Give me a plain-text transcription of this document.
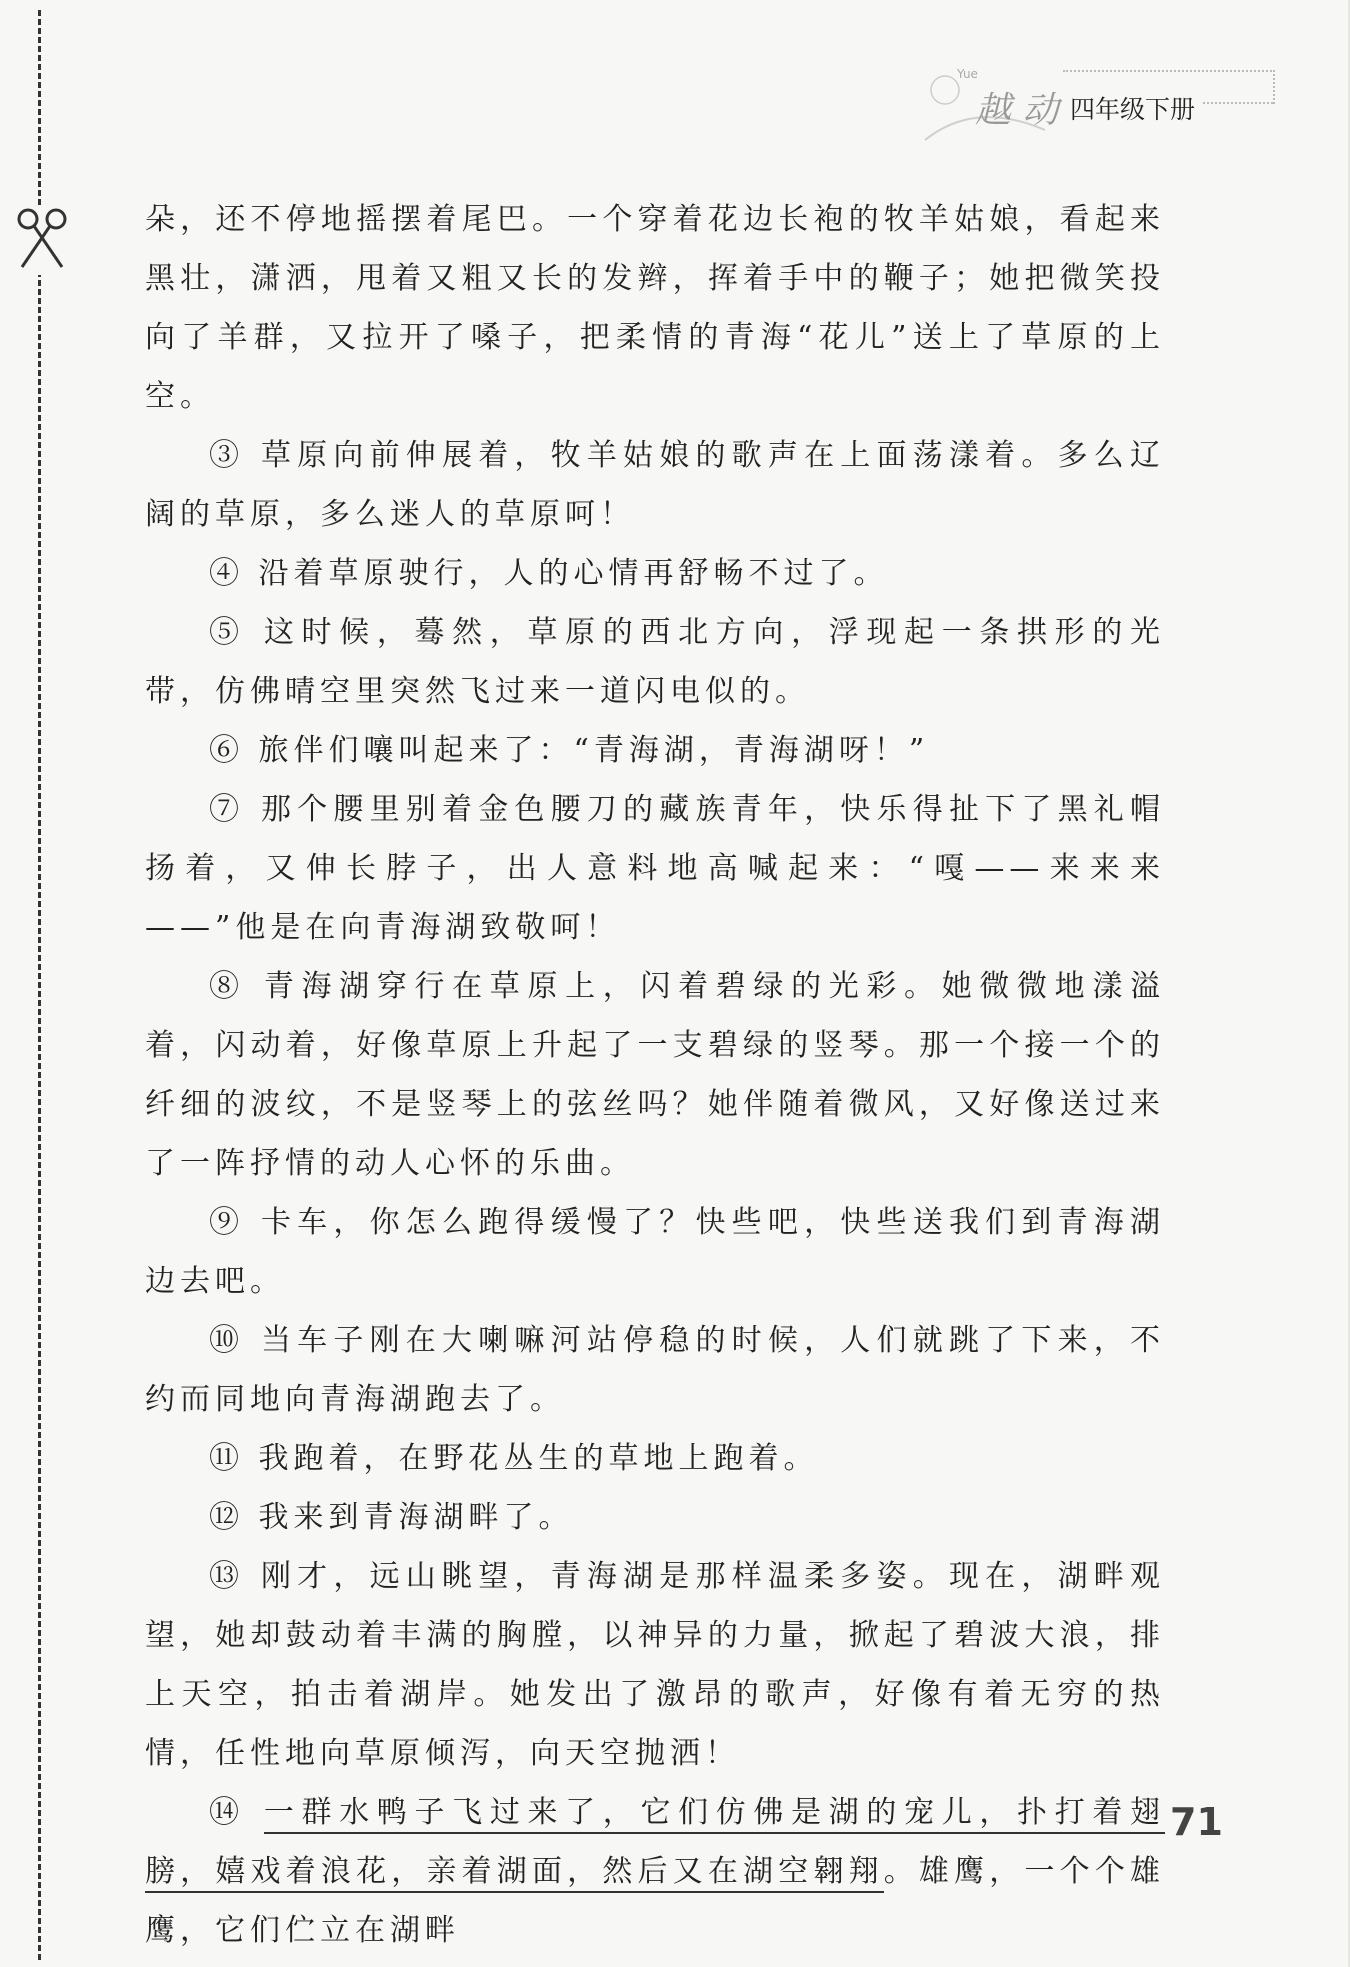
Yue
越 动 四年级下册

朵，还不停地摇摆着尾巴。一个穿着花边长袍的牧羊姑娘，看起来黑壮，潇洒，甩着又粗又长的发辫，挥着手中的鞭子；她把微笑投向了羊群，又拉开了嗓子，把柔情的青海“花儿”送上了草原的上空。

③ 草原向前伸展着，牧羊姑娘的歌声在上面荡漾着。多么辽阔的草原，多么迷人的草原呵！

④ 沿着草原驶行，人的心情再舒畅不过了。

⑤ 这时候，蓦然，草原的西北方向，浮现起一条拱形的光带，仿佛晴空里突然飞过来一道闪电似的。

⑥ 旅伴们嚷叫起来了：“青海湖，青海湖呀！”

⑦ 那个腰里别着金色腰刀的藏族青年，快乐得扯下了黑礼帽扬着，又伸长脖子，出人意料地高喊起来：“嘎——来来来——”他是在向青海湖致敬呵！

⑧ 青海湖穿行在草原上，闪着碧绿的光彩。她微微地漾溢着，闪动着，好像草原上升起了一支碧绿的竖琴。那一个接一个的纤细的波纹，不是竖琴上的弦丝吗？她伴随着微风，又好像送过来了一阵抒情的动人心怀的乐曲。

⑨ 卡车，你怎么跑得缓慢了？快些吧，快些送我们到青海湖边去吧。

⑩ 当车子刚在大喇嘛河站停稳的时候，人们就跳了下来，不约而同地向青海湖跑去了。

⑪ 我跑着，在野花丛生的草地上跑着。

⑫ 我来到青海湖畔了。

⑬ 刚才，远山眺望，青海湖是那样温柔多姿。现在，湖畔观望，她却鼓动着丰满的胸膛，以神异的力量，掀起了碧波大浪，排上天空，拍击着湖岸。她发出了激昂的歌声，好像有着无穷的热情，任性地向草原倾泻，向天空抛洒！

⑭ 一群水鸭子飞过来了，它们仿佛是湖的宠儿，扑打着翅膀，嬉戏着浪花，亲着湖面，然后又在湖空翱翔。雄鹰，一个个雄鹰，它们伫立在湖畔

71
